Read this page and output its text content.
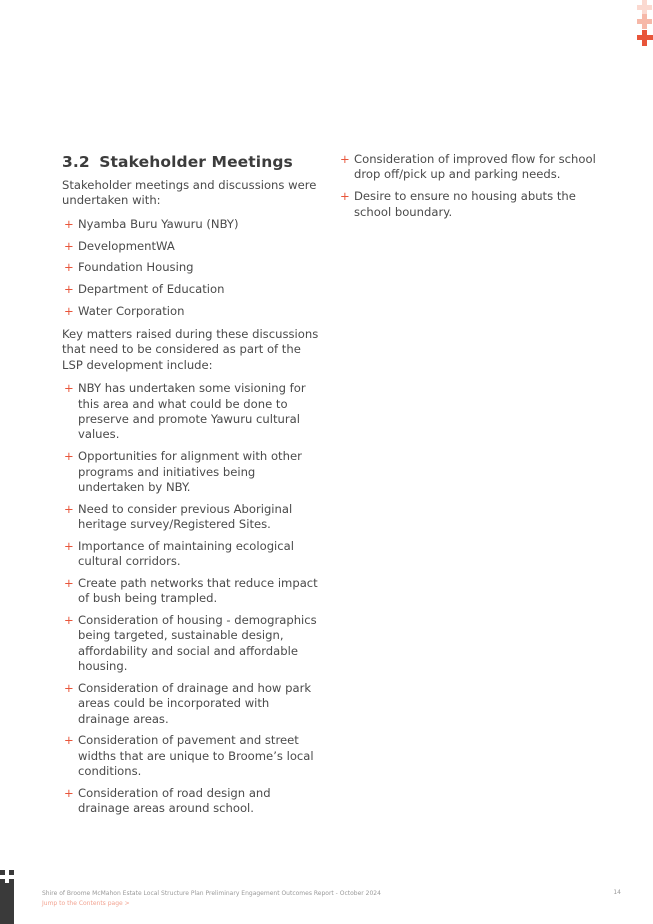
3.2 Stakeholder Meetings

Stakeholder meetings and discussions were undertaken with:

+ Nyamba Buru Yawuru (NBY)
+ DevelopmentWA
+ Foundation Housing
+ Department of Education
+ Water Corporation

Key matters raised during these discussions that need to be considered as part of the LSP development include:

+ NBY has undertaken some visioning for this area and what could be done to preserve and promote Yawuru cultural values.
+ Opportunities for alignment with other programs and initiatives being undertaken by NBY.
+ Need to consider previous Aboriginal heritage survey/Registered Sites.
+ Importance of maintaining ecological cultural corridors.
+ Create path networks that reduce impact of bush being trampled.
+ Consideration of housing - demographics being targeted, sustainable design, affordability and social and affordable housing.
+ Consideration of drainage and how park areas could be incorporated with drainage areas.
+ Consideration of pavement and street widths that are unique to Broome’s local conditions.
+ Consideration of road design and drainage areas around school.
+ Consideration of improved flow for school drop off/pick up and parking needs.
+ Desire to ensure no housing abuts the school boundary.
Shire of Broome McMahon Estate Local Structure Plan Preliminary Engagement Outcomes Report - October 2024
Jump to the Contents page >
14
